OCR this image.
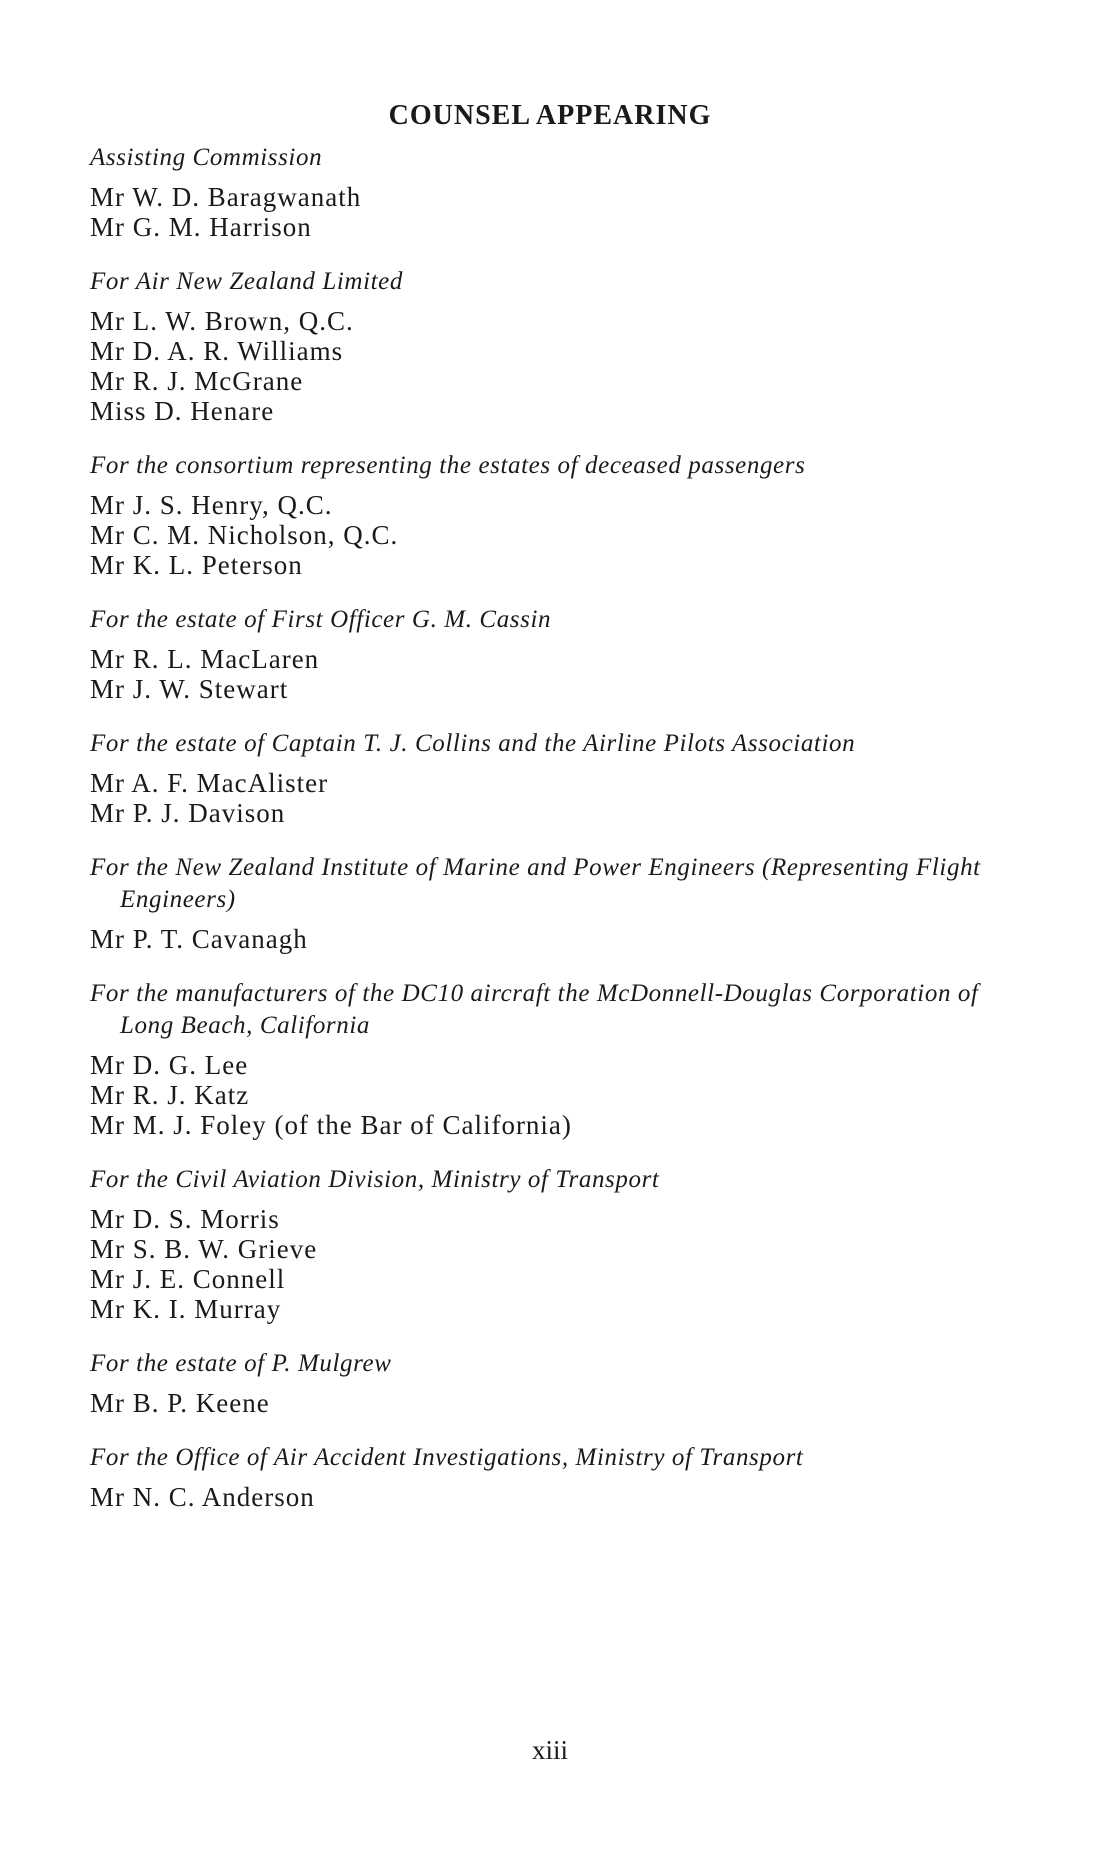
COUNSEL APPEARING
Assisting Commission
Mr W. D. Baragwanath
Mr G. M. Harrison
For Air New Zealand Limited
Mr L. W. Brown, Q.C.
Mr D. A. R. Williams
Mr R. J. McGrane
Miss D. Henare
For the consortium representing the estates of deceased passengers
Mr J. S. Henry, Q.C.
Mr C. M. Nicholson, Q.C.
Mr K. L. Peterson
For the estate of First Officer G. M. Cassin
Mr R. L. MacLaren
Mr J. W. Stewart
For the estate of Captain T. J. Collins and the Airline Pilots Association
Mr A. F. MacAlister
Mr P. J. Davison
For the New Zealand Institute of Marine and Power Engineers (Representing Flight Engineers)
Mr P. T. Cavanagh
For the manufacturers of the DC10 aircraft the McDonnell-Douglas Corporation of Long Beach, California
Mr D. G. Lee
Mr R. J. Katz
Mr M. J. Foley (of the Bar of California)
For the Civil Aviation Division, Ministry of Transport
Mr D. S. Morris
Mr S. B. W. Grieve
Mr J. E. Connell
Mr K. I. Murray
For the estate of P. Mulgrew
Mr B. P. Keene
For the Office of Air Accident Investigations, Ministry of Transport
Mr N. C. Anderson
xiii
